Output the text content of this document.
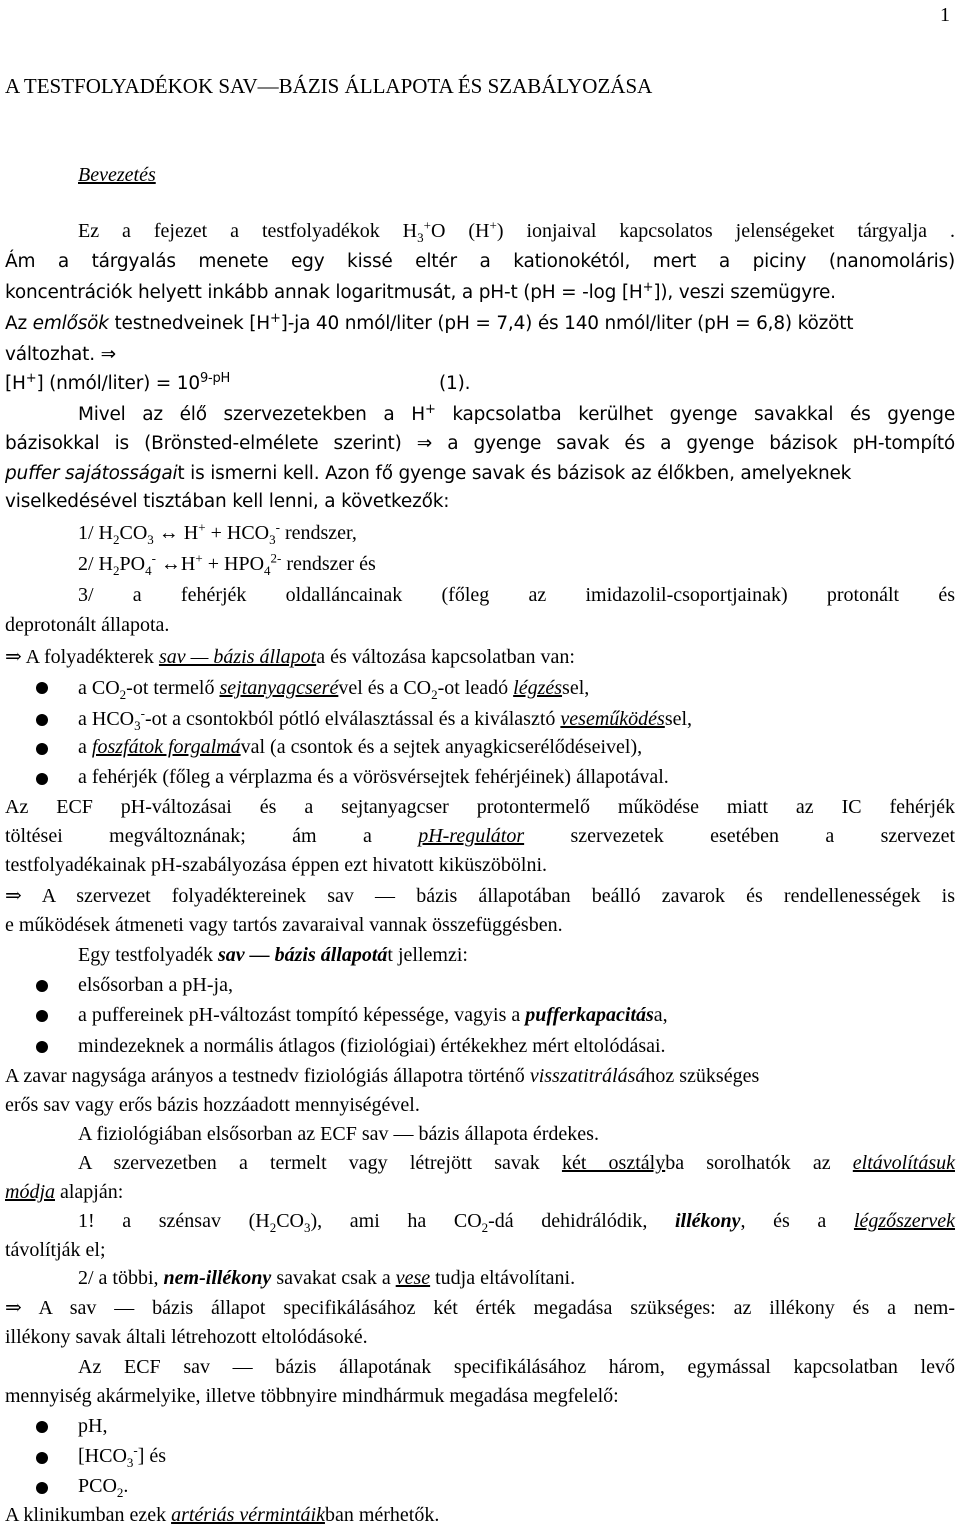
1
A TESTFOLYADÉKOK SAV—BÁZIS ÁLLAPOTA ÉS SZABÁLYOZÁSA
Bevezetés
Ez a fejezet a testfolyadékok $H_3^+O$ (H+) ionjaival kapcsolatos jelenségeket tárgyalja .
Ám a tárgyalás menete egy kissé eltér a kationokétól, mert a piciny (nanomoláris)
koncentrációk helyett inkább annak logaritmusát, a pH-t (pH = -log [H+]), veszi szemügyre.
Az emlősök testnedveinek [H+]-ja 40 nmól/liter (pH = 7,4) és 140 nmól/liter (pH = 6,8) között
változhat. ⇒
[H+] (nmól/liter) = $10^{9-pH}$	(1).
Mivel az élő szervezetekben a H+ kapcsolatba kerülhet gyenge savakkal és gyenge
bázisokkal is (Brönsted-elmélete szerint) ⇒ a gyenge savak és a gyenge bázisok pH-tompító
puffer sajátosságait is ismerni kell. Azon fő gyenge savak és bázisok az élőkben, amelyeknek
viselkedésével tisztában kell lenni, a következők:
1/ $H_2CO_3$ ↔ $H^+ + HCO_3^-$ rendszer,
2/ $H_2PO_4^-$ ↔H+ + $HPO_4^{2-}$ rendszer és
3/ a fehérjék oldalláncainak (főleg az imidazolil-csoportjainak) protonált és
deprotonált állapota.
⇒ A folyadékterek sav — bázis állapota és változása kapcsolatban van:
a $CO_2-ot$ termelő sejtanyagcserével és a $CO_2-ot$ leadó légzéssel,
a $HCO_3^--ot$ a csontokból pótló elválasztással és a kiválasztó veseműködéssel,
a foszfátok forgalmával (a csontok és a sejtek anyagkicserélődéseivel),
a fehérjék (főleg a vérplazma és a vörösvérsejtek fehérjéinek) állapotával.
Az ECF pH-változásai és a sejtanyagcser protontermelő működése miatt az IC fehérjék
töltései megváltoznának; ám a pH-regulátor szervezetek esetében a szervezet
testfolyadékainak pH-szabályozása éppen ezt hivatott kiküszöbölni.
⇒ A szervezet folyadéktereinek sav — bázis állapotában beálló zavarok és rendellenességek is
e működések átmeneti vagy tartós zavaraival vannak összefüggésben.
Egy testfolyadék sav — bázis állapotát jellemzi:
elsősorban a pH-ja,
a puffereinek pH-változást tompító képessége, vagyis a pufferkapacitása,
mindezeknek a normális átlagos (fiziológiai) értékekhez mért eltolódásai.
A zavar nagysága arányos a testnedv fiziológiás állapotra történő visszatitrálásához szükséges
erős sav vagy erős bázis hozzáadott mennyiségével.
A fiziológiában elsősorban az ECF sav — bázis állapota érdekes.
A szervezetben a termelt vagy létrejött savak két osztályba sorolhatók az eltávolításuk
módja alapján:
1! a szénsav $(H_2CO_3)$, ami ha $CO_2-dá$ dehidrálódik, illékony, és a légzőszervek
távolítják el;
2/ a többi, nem-illékony savakat csak a vese tudja eltávolítani.
⇒ A sav — bázis állapot specifikálásához két érték megadása szükséges: az illékony és a nem-
illékony savak általi létrehozott eltolódásoké.
Az ECF sav — bázis állapotának specifikálásához három, egymással kapcsolatban levő
mennyiség akármelyike, illetve többnyire mindhármuk megadása megfelelő:
pH,
$[HCO_3^-]$ és
$PCO_2$.
A klinikumban ezek artériás vérmintáikban mérhetők.
